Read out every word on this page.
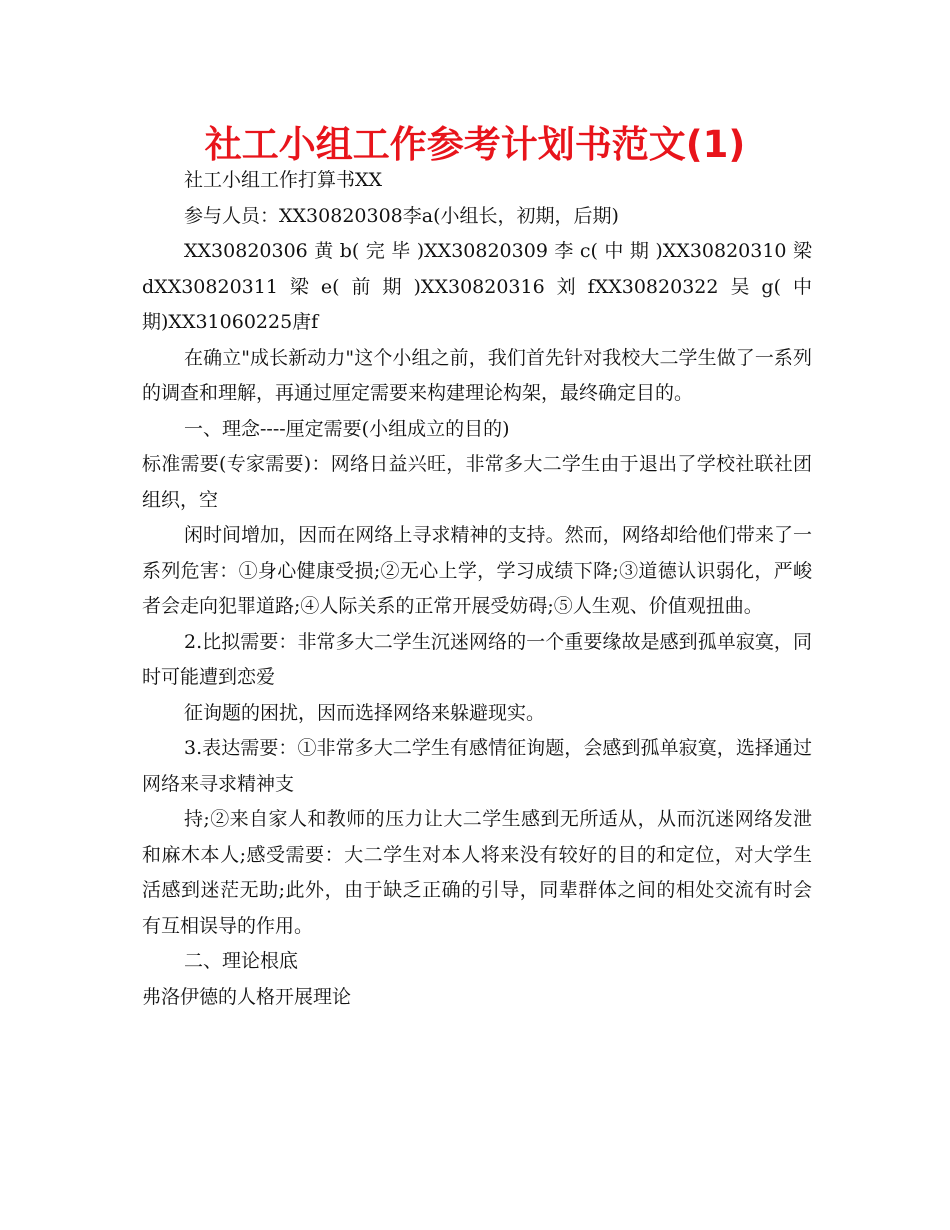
社工小组工作参考计划书范文(1)

社工小组工作打算书XX

参与人员：XX30820308李a(小组长，初期，后期)

XX30820306黄b(完毕)XX30820309李c(中期)XX30820310梁dXX30820311梁e(前期)XX30820316刘fXX30820322吴g(中期)XX31060225唐f

在确立"成长新动力"这个小组之前，我们首先针对我校大二学生做了一系列的调查和理解，再通过厘定需要来构建理论构架，最终确定目的。

一、理念----厘定需要(小组成立的目的)

标准需要(专家需要)：网络日益兴旺，非常多大二学生由于退出了学校社联社团组织，空

闲时间增加，因而在网络上寻求精神的支持。然而，网络却给他们带来了一系列危害：①身心健康受损;②无心上学，学习成绩下降;③道德认识弱化，严峻者会走向犯罪道路;④人际关系的正常开展受妨碍;⑤人生观、价值观扭曲。

2.比拟需要：非常多大二学生沉迷网络的一个重要缘故是感到孤单寂寞，同时可能遭到恋爱

征询题的困扰，因而选择网络来躲避现实。

3.表达需要：①非常多大二学生有感情征询题，会感到孤单寂寞，选择通过网络来寻求精神支

持;②来自家人和教师的压力让大二学生感到无所适从，从而沉迷网络发泄和麻木本人;感受需要：大二学生对本人将来没有较好的目的和定位，对大学生活感到迷茫无助;此外，由于缺乏正确的引导，同辈群体之间的相处交流有时会有互相误导的作用。

二、理论根底

弗洛伊德的人格开展理论
